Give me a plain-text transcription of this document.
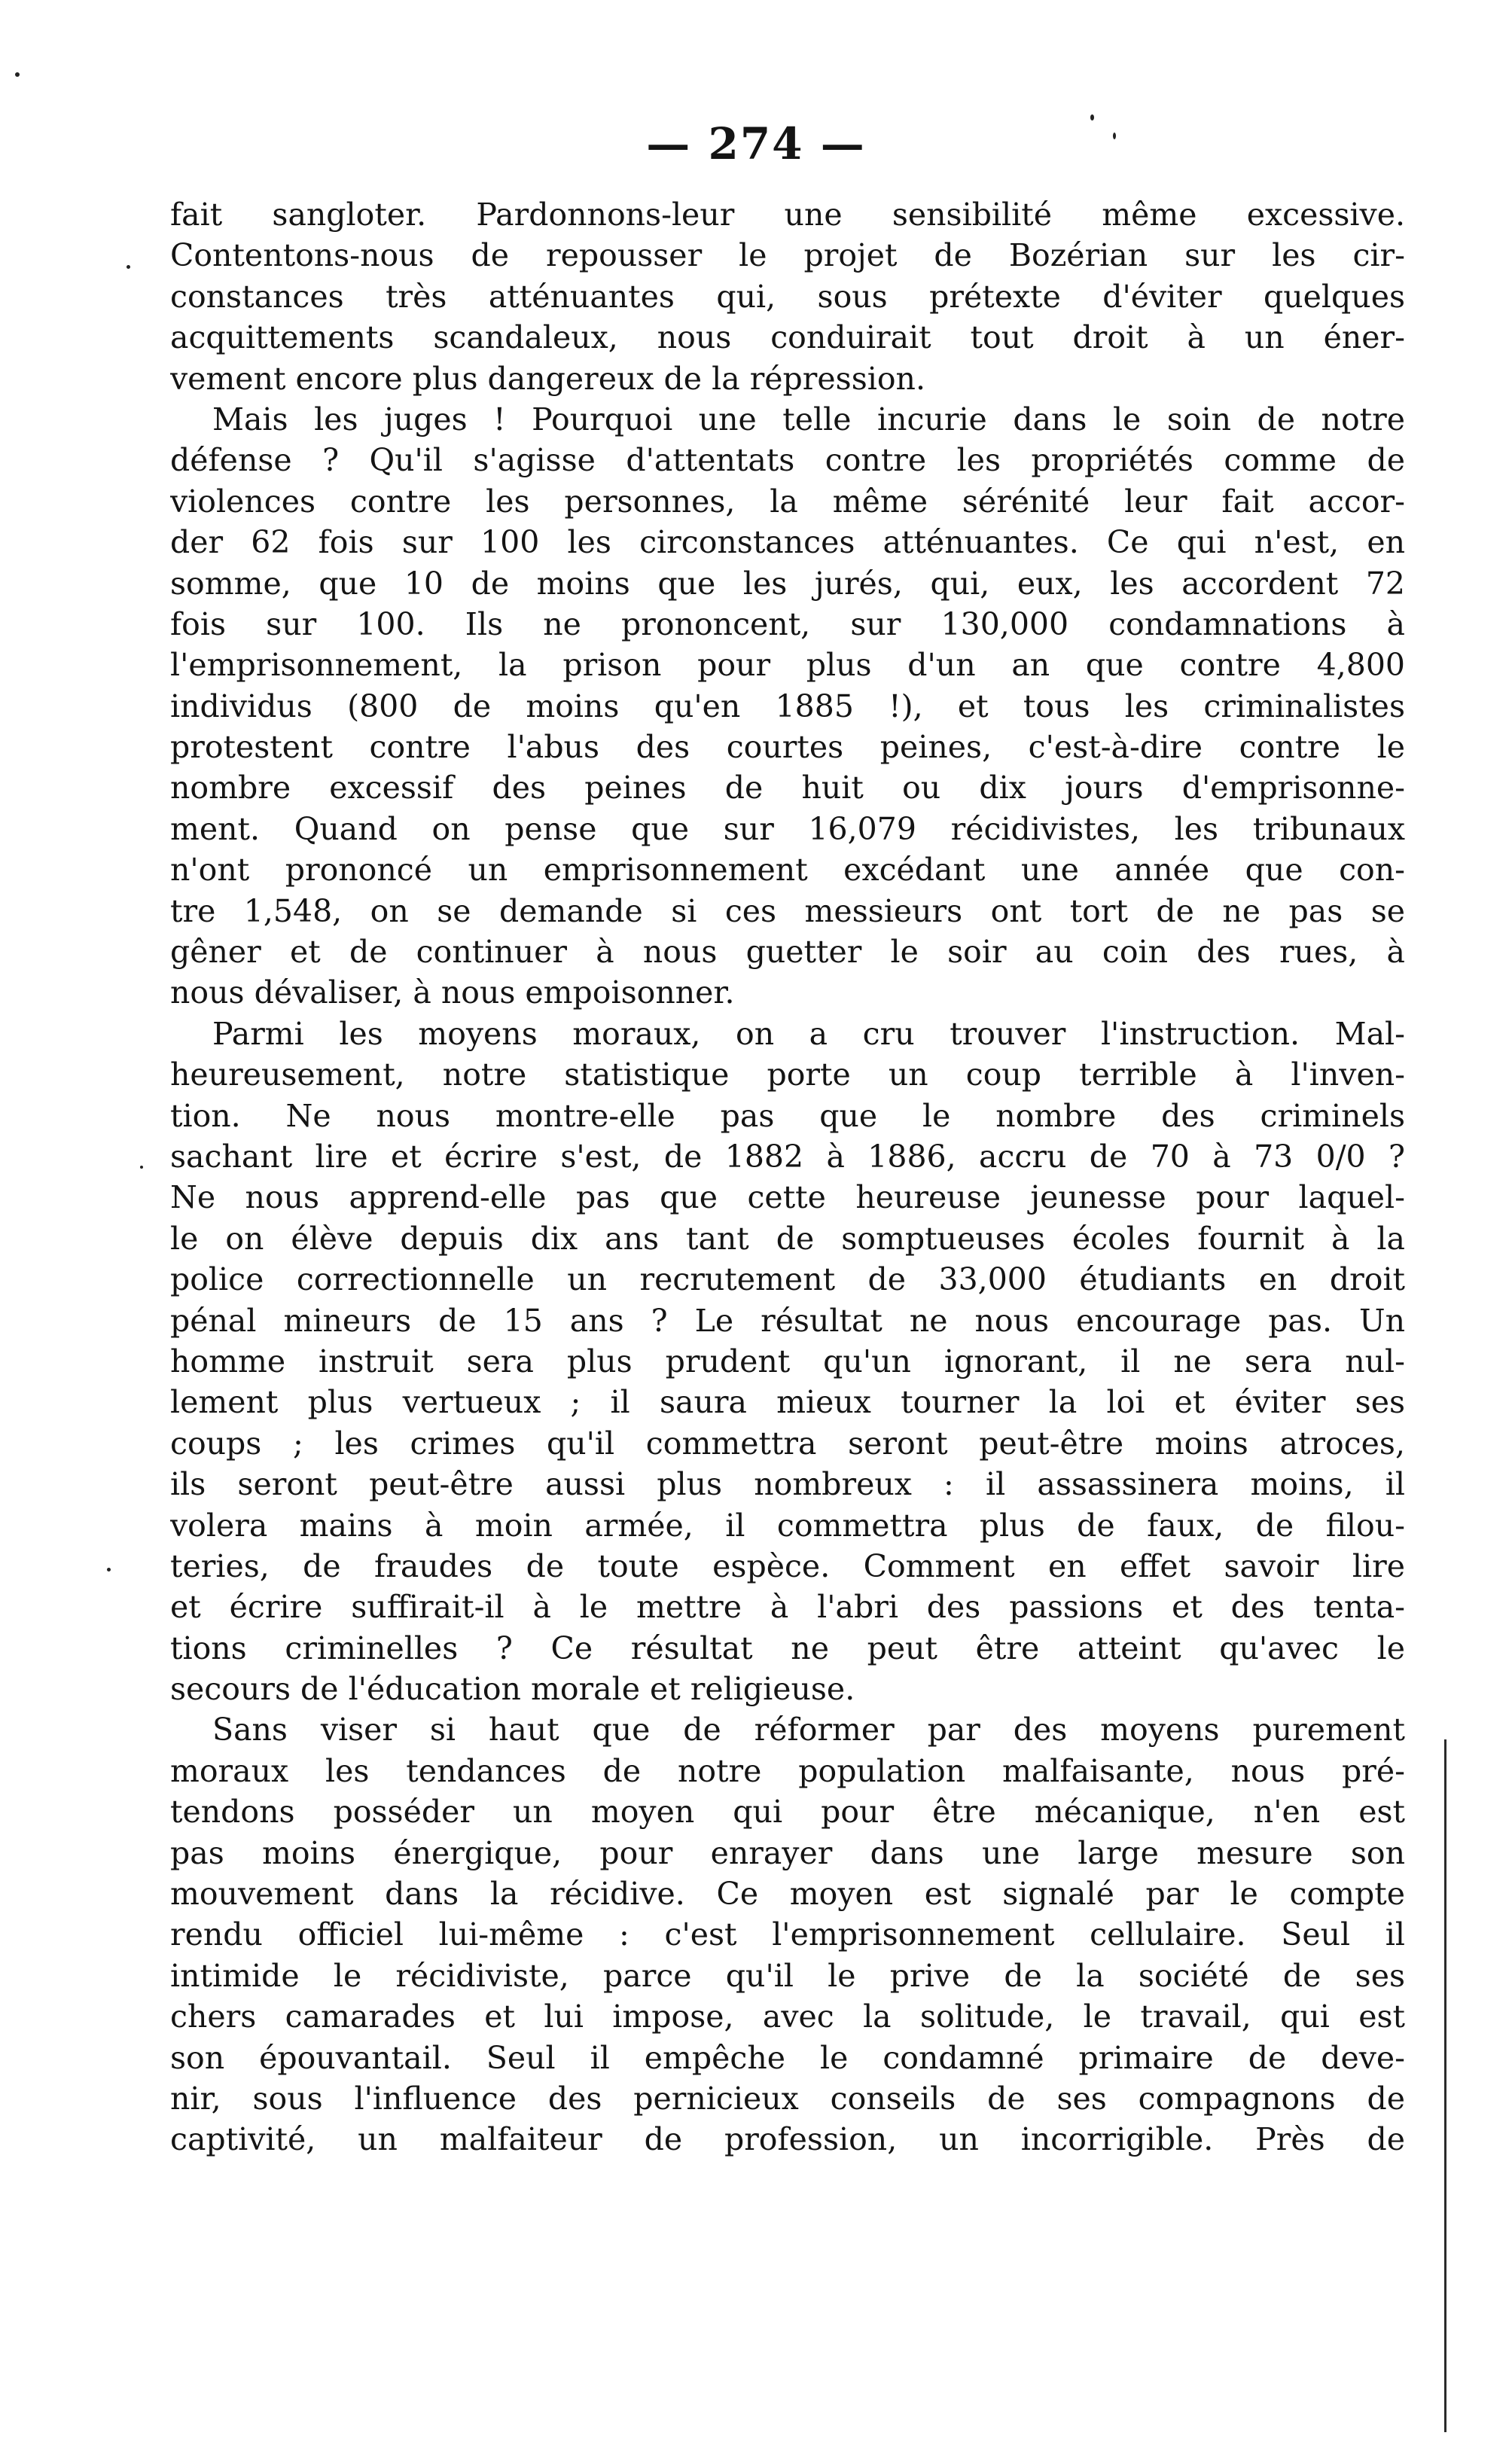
— 274 —
fait sangloter. Pardonnons-leur une sensibilité même excessive.
Contentons-nous de repousser le projet de Bozérian sur les cir-
constances très atténuantes qui, sous prétexte d'éviter quelques
acquittements scandaleux, nous conduirait tout droit à un éner-
vement encore plus dangereux de la répression.
Mais les juges ! Pourquoi une telle incurie dans le soin de notre
défense ? Qu'il s'agisse d'attentats contre les propriétés comme de
violences contre les personnes, la même sérénité leur fait accor-
der 62 fois sur 100 les circonstances atténuantes. Ce qui n'est, en
somme, que 10 de moins que les jurés, qui, eux, les accordent 72
fois sur 100. Ils ne prononcent, sur 130,000 condamnations à
l'emprisonnement, la prison pour plus d'un an que contre 4,800
individus (800 de moins qu'en 1885 !), et tous les criminalistes
protestent contre l'abus des courtes peines, c'est-à-dire contre le
nombre excessif des peines de huit ou dix jours d'emprisonne-
ment. Quand on pense que sur 16,079 récidivistes, les tribunaux
n'ont prononcé un emprisonnement excédant une année que con-
tre 1,548, on se demande si ces messieurs ont tort de ne pas se
gêner et de continuer à nous guetter le soir au coin des rues, à
nous dévaliser, à nous empoisonner.
Parmi les moyens moraux, on a cru trouver l'instruction. Mal-
heureusement, notre statistique porte un coup terrible à l'inven-
tion. Ne nous montre-elle pas que le nombre des criminels
sachant lire et écrire s'est, de 1882 à 1886, accru de 70 à 73 0/0 ?
Ne nous apprend-elle pas que cette heureuse jeunesse pour laquel-
le on élève depuis dix ans tant de somptueuses écoles fournit à la
police correctionnelle un recrutement de 33,000 étudiants en droit
pénal mineurs de 15 ans ? Le résultat ne nous encourage pas. Un
homme instruit sera plus prudent qu'un ignorant, il ne sera nul-
lement plus vertueux ; il saura mieux tourner la loi et éviter ses
coups ; les crimes qu'il commettra seront peut-être moins atroces,
ils seront peut-être aussi plus nombreux : il assassinera moins, il
volera mains à moin armée, il commettra plus de faux, de filou-
teries, de fraudes de toute espèce. Comment en effet savoir lire
et écrire suffirait-il à le mettre à l'abri des passions et des tenta-
tions criminelles ? Ce résultat ne peut être atteint qu'avec le
secours de l'éducation morale et religieuse.
Sans viser si haut que de réformer par des moyens purement
moraux les tendances de notre population malfaisante, nous pré-
tendons posséder un moyen qui pour être mécanique, n'en est
pas moins énergique, pour enrayer dans une large mesure son
mouvement dans la récidive. Ce moyen est signalé par le compte
rendu officiel lui-même : c'est l'emprisonnement cellulaire. Seul il
intimide le récidiviste, parce qu'il le prive de la société de ses
chers camarades et lui impose, avec la solitude, le travail, qui est
son épouvantail. Seul il empêche le condamné primaire de deve-
nir, sous l'influence des pernicieux conseils de ses compagnons de
captivité, un malfaiteur de profession, un incorrigible. Près de
